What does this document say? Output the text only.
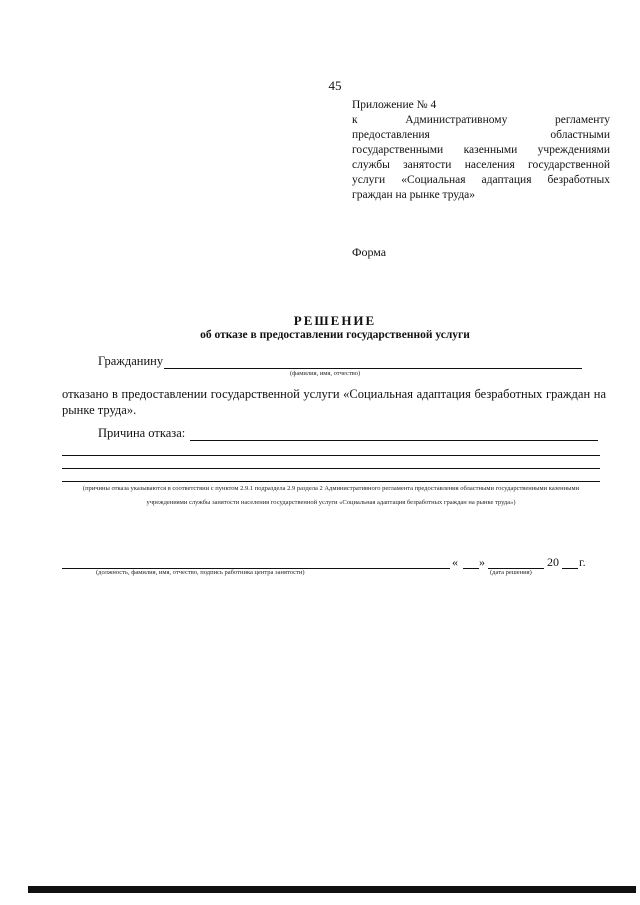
45
Приложение № 4
к	Административному	регламенту
предоставления	областными
государственными казенными учреждениями
службы занятости населения государственной
услуги «Социальная адаптация безработных
граждан на рынке труда»
Форма
РЕШЕНИЕ
об отказе в предоставлении государственной услуги
Гражданину
(фамилия, имя, отчество)
отказано в предоставлении государственной услуги «Социальная адаптация безработных граждан на рынке труда».
Причина отказа:
(причины отказа указываются в соответствии с пунктом 2.9.1 подраздела 2.9 раздела 2 Административного регламента предоставления областными государственными казенными учреждениями службы занятости населения государственной услуги «Социальная адаптация безработных граждан на рынке труда»)
(должность, фамилия, имя, отчество, подпись работника центра занятости)
« »	20 г.
(дата решения)
